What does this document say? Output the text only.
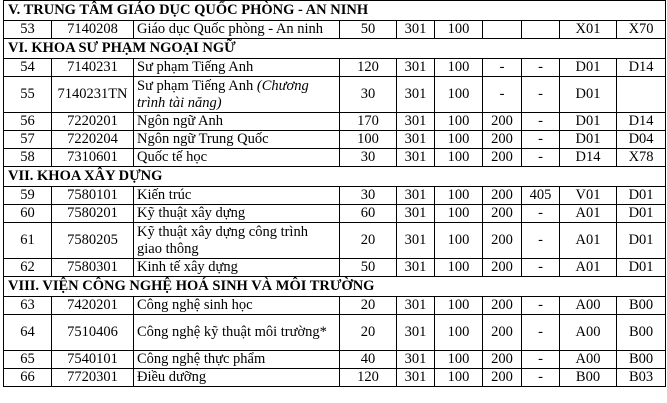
V. TRUNG TÂM GIÁO DỤC QUỐC PHÒNG - AN NINH									
53	7140208	Giáo dục Quốc phòng - An ninh	50	301	100			X01	X70
VI. KHOA SƯ PHẠM NGOẠI NGỮ									
54	7140231	Sư phạm Tiếng Anh	120	301	100	-	-	D01	D14
55	7140231TN	Sư phạm Tiếng Anh (Chương trình tài năng)	30	301	100	-	-	D01	
56	7220201	Ngôn ngữ Anh	170	301	100	200	-	D01	D14
57	7220204	Ngôn ngữ Trung Quốc	100	301	100	200	-	D01	D04
58	7310601	Quốc tế học	30	301	100	200	-	D14	X78
VII. KHOA XÂY DỰNG									
59	7580101	Kiến trúc	30	301	100	200	405	V01	D01
60	7580201	Kỹ thuật xây dựng	60	301	100	200	-	A01	D01
61	7580205	Kỹ thuật xây dựng công trình giao thông	20	301	100	200	-	A01	D01
62	7580301	Kinh tế xây dựng	50	301	100	200	-	A01	D01
VIII. VIỆN CÔNG NGHỆ HOÁ SINH VÀ MÔI TRƯỜNG									
63	7420201	Công nghệ sinh học	20	301	100	200	-	A00	B00
64	7510406	Công nghệ kỹ thuật môi trường*	20	301	100	200	-	A00	B00
65	7540101	Công nghệ thực phẩm	40	301	100	200	-	A00	B00
66	7720301	Điều dưỡng	120	301	100	200	-	B00	B03
